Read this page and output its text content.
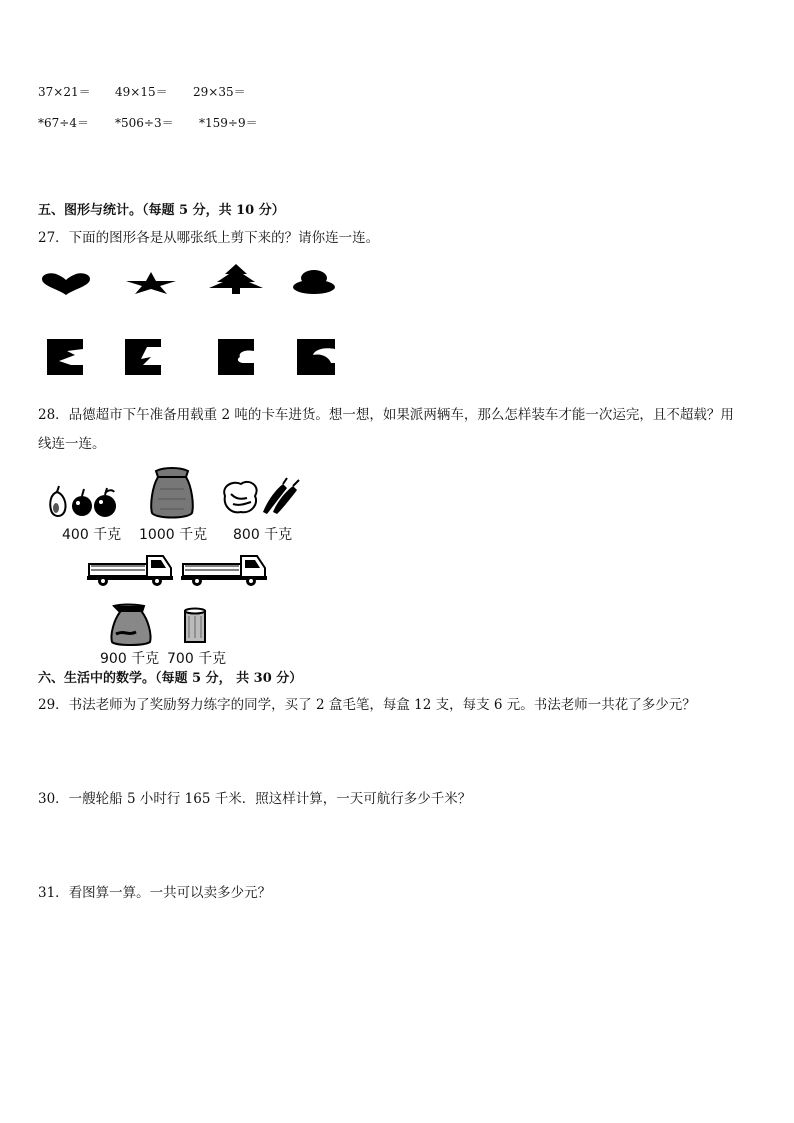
37×21＝ 49×15＝ 29×35＝
*67÷4＝ *506÷3＝ *159÷9＝
五、图形与统计。（每题 5 分，共 10 分）
27．下面的图形各是从哪张纸上剪下来的？请你连一连。
28．品德超市下午准备用载重 2 吨的卡车进货。想一想，如果派两辆车，那么怎样装车才能一次运完，且不超载？用
线连一连。
400 千克 1000 千克 800 千克
900 千克 700 千克
六、生活中的数学。（每题 5 分， 共 30 分）
29．书法老师为了奖励努力练字的同学，买了 2 盒毛笔，每盒 12 支，每支 6 元。书法老师一共花了多少元？
30．一艘轮船 5 小时行 165 千米．照这样计算，一天可航行多少千米？
31．看图算一算。一共可以卖多少元？
